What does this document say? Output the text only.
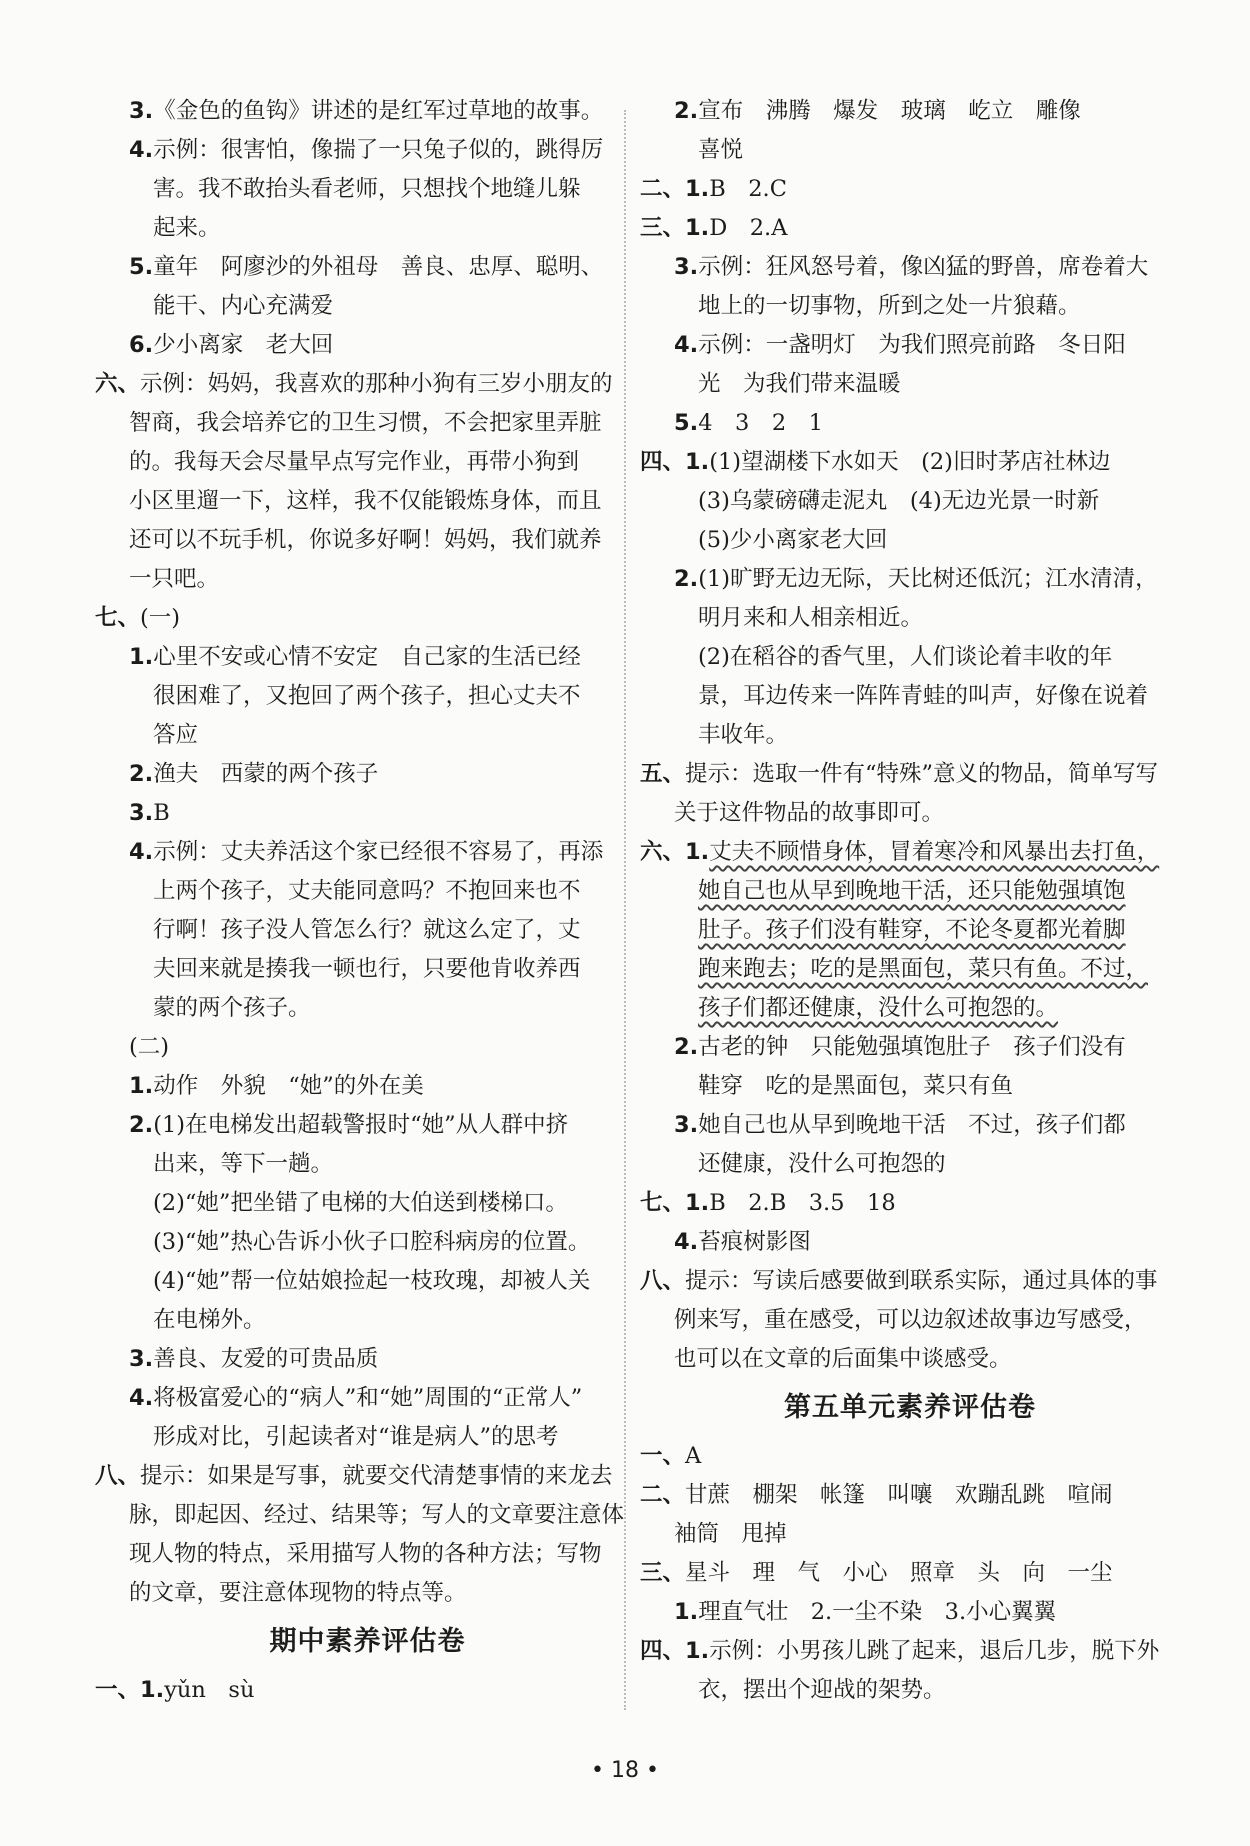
3.《金色的鱼钩》讲述的是红军过草地的故事。
4.示例：很害怕，像揣了一只兔子似的，跳得厉
害。我不敢抬头看老师，只想找个地缝儿躲
起来。
5.童年　阿廖沙的外祖母　善良、忠厚、聪明、
能干、内心充满爱
6.少小离家　老大回
六、示例：妈妈，我喜欢的那种小狗有三岁小朋友的
智商，我会培养它的卫生习惯，不会把家里弄脏
的。我每天会尽量早点写完作业，再带小狗到
小区里遛一下，这样，我不仅能锻炼身体，而且
还可以不玩手机，你说多好啊！妈妈，我们就养
一只吧。
七、(一)
1.心里不安或心情不安定　自己家的生活已经
很困难了，又抱回了两个孩子，担心丈夫不
答应
2.渔夫　西蒙的两个孩子
3.B
4.示例：丈夫养活这个家已经很不容易了，再添
上两个孩子，丈夫能同意吗？不抱回来也不
行啊！孩子没人管怎么行？就这么定了，丈
夫回来就是揍我一顿也行，只要他肯收养西
蒙的两个孩子。
(二)
1.动作　外貌　“她”的外在美
2.(1)在电梯发出超载警报时“她”从人群中挤
出来，等下一趟。
(2)“她”把坐错了电梯的大伯送到楼梯口。
(3)“她”热心告诉小伙子口腔科病房的位置。
(4)“她”帮一位姑娘捡起一枝玫瑰，却被人关
在电梯外。
3.善良、友爱的可贵品质
4.将极富爱心的“病人”和“她”周围的“正常人”
形成对比，引起读者对“谁是病人”的思考
八、提示：如果是写事，就要交代清楚事情的来龙去
脉，即起因、经过、结果等；写人的文章要注意体
现人物的特点，采用描写人物的各种方法；写物
的文章，要注意体现物的特点等。
期中素养评估卷
一、1.yǔn　sù
2.宣布　沸腾　爆发　玻璃　屹立　雕像
喜悦
二、1.B　2.C
三、1.D　2.A
3.示例：狂风怒号着，像凶猛的野兽，席卷着大
地上的一切事物，所到之处一片狼藉。
4.示例：一盏明灯　为我们照亮前路　冬日阳
光　为我们带来温暖
5.4　3　2　1
四、1.(1)望湖楼下水如天　(2)旧时茅店社林边
(3)乌蒙磅礴走泥丸　(4)无边光景一时新
(5)少小离家老大回
2.(1)旷野无边无际，天比树还低沉；江水清清，
明月来和人相亲相近。
(2)在稻谷的香气里，人们谈论着丰收的年
景，耳边传来一阵阵青蛙的叫声，好像在说着
丰收年。
五、提示：选取一件有“特殊”意义的物品，简单写写
关于这件物品的故事即可。
六、1.丈夫不顾惜身体，冒着寒冷和风暴出去打鱼，
她自己也从早到晚地干活，还只能勉强填饱
肚子。孩子们没有鞋穿，不论冬夏都光着脚
跑来跑去；吃的是黑面包，菜只有鱼。不过，
孩子们都还健康，没什么可抱怨的。
2.古老的钟　只能勉强填饱肚子　孩子们没有
鞋穿　吃的是黑面包，菜只有鱼
3.她自己也从早到晚地干活　不过，孩子们都
还健康，没什么可抱怨的
七、1.B　2.B　3.5　18
4.苔痕树影图
八、提示：写读后感要做到联系实际，通过具体的事
例来写，重在感受，可以边叙述故事边写感受，
也可以在文章的后面集中谈感受。
第五单元素养评估卷
一、A
二、甘蔗　棚架　帐篷　叫嚷　欢蹦乱跳　喧闹
袖筒　甩掉
三、星斗　理　气　小心　照章　头　向　一尘
1.理直气壮　2.一尘不染　3.小心翼翼
四、1.示例：小男孩儿跳了起来，退后几步，脱下外
衣，摆出个迎战的架势。
• 18 •
